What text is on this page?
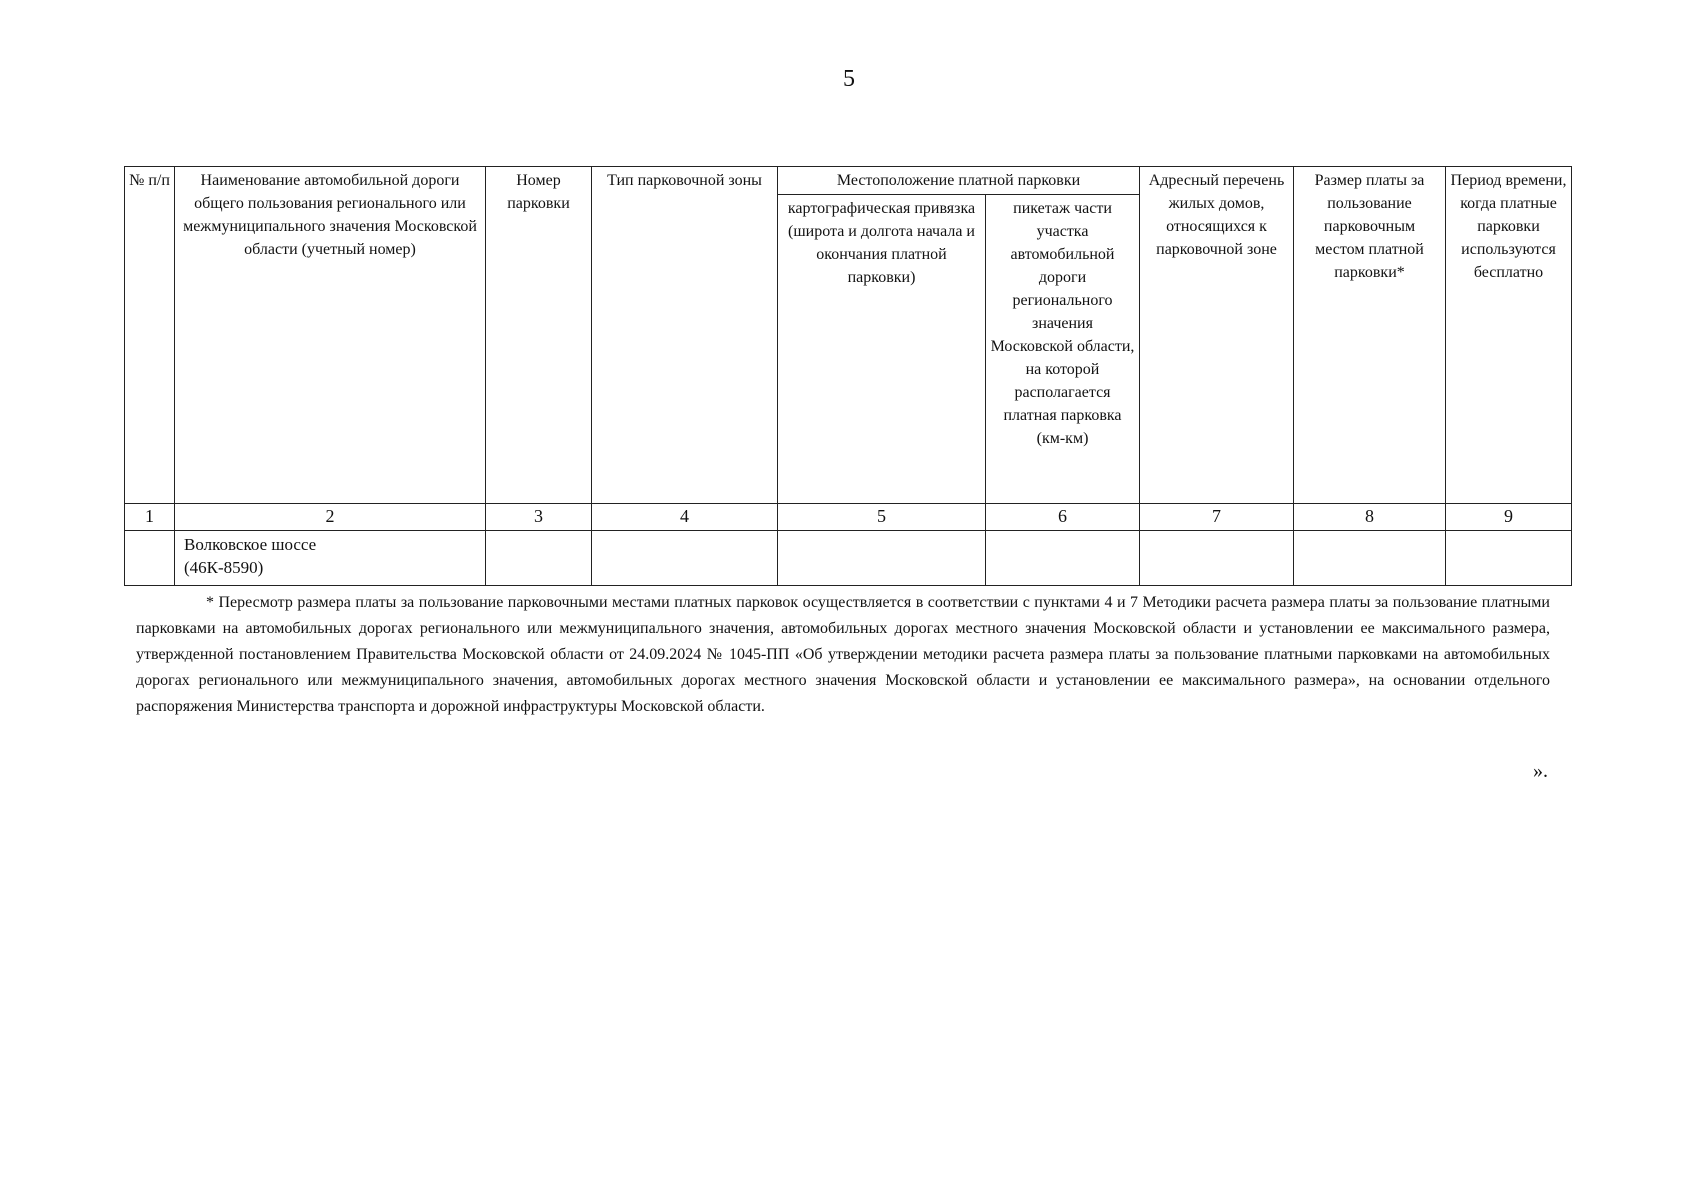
5
№ п/п	Наименование автомобильной дороги общего пользования регионального или межмуниципального значения Московской области (учетный номер)	Номер парковки	Тип парковочной зоны	Местоположение платной парковки		Адресный перечень жилых домов, относящихся к парковочной зоне	Размер платы за пользование парковочным местом платной парковки*	Период времени, когда платные парковки используются бесплатно
				картографическая привязка (широта и долгота начала и окончания платной парковки)	пикетаж части участка автомобильной дороги регионального значения Московской области, на которой располагается платная парковка (км-км)			
1	2	3	4	5	6	7	8	9

	Волковское шоссе
(46К-8590)							

* Пересмотр размера платы за пользование парковочными местами платных парковок осуществляется в соответствии с пунктами 4 и 7 Методики расчета размера платы за пользование платными парковками на автомобильных дорогах регионального или межмуниципального значения, автомобильных дорогах местного значения Московской области и установлении ее максимального размера, утвержденной постановлением Правительства Московской области от 24.09.2024 № 1045-ПП «Об утверждении методики расчета размера платы за пользование платными парковками на автомобильных дорогах регионального или межмуниципального значения, автомобильных дорогах местного значения Московской области и установлении ее максимального размера», на основании отдельного распоряжения Министерства транспорта и дорожной инфраструктуры Московской области.
».
